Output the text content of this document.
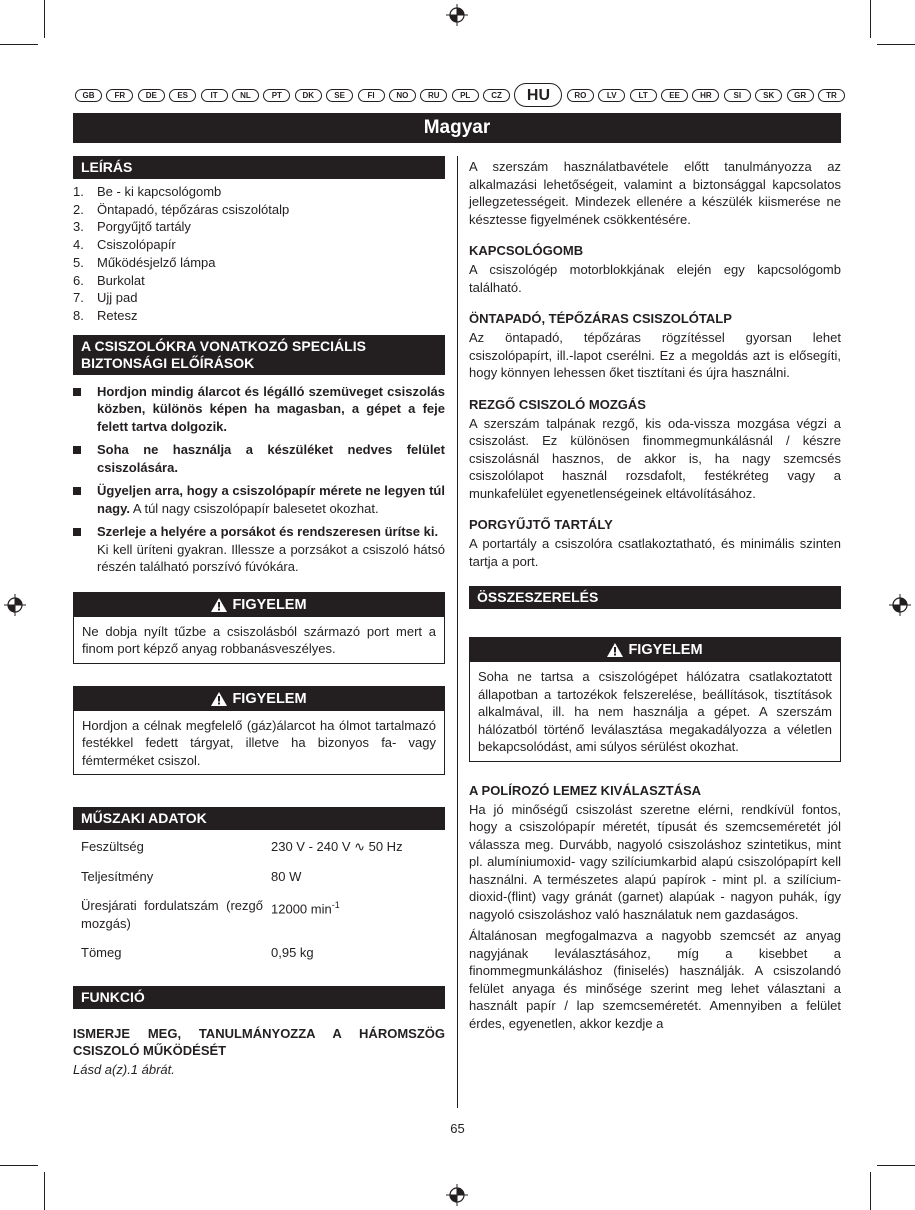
GB	FR	DE	ES	IT	NL	PT	DK	SE	FI	NO	RU	PL	CZ	HU	RO	LV	LT	EE	HR	SI	SK	GR	TR
Magyar
LEÍRÁS
1.	Be - ki kapcsológomb
2.	Öntapadó, tépőzáras csiszolótalp
3.	Porgyűjtő tartály
4.	Csiszolópapír
5.	Működésjelző lámpa
6.	Burkolat
7.	Ujj pad
8.	Retesz
A CSISZOLÓKRA VONATKOZÓ SPECIÁLIS BIZTONSÁGI ELŐÍRÁSOK
Hordjon mindig álarcot és légálló szemüveget csiszolás közben, különös képen ha magasban, a gépet a feje felett tartva dolgozik.
Soha ne használja a készüléket nedves felület csiszolására.
Ügyeljen arra, hogy a csiszolópapír mérete ne legyen túl nagy. A túl nagy csiszolópapír balesetet okozhat.
Szerleje a helyére a porsákot és rendszeresen ürítse ki.
Ki kell üríteni gyakran. Illessze a porzsákot a csiszoló hátsó részén található porszívó fúvókára.
FIGYELEM
Ne dobja nyílt tűzbe a csiszolásból származó port mert a finom port képző anyag robbanásveszélyes.
FIGYELEM
Hordjon a célnak megfelelő (gáz)álarcot ha ólmot tartalmazó festékkel fedett tárgyat, illetve ha bizonyos fa- vagy fémterméket csiszol.
MŰSZAKI ADATOK
Feszültség	230 V - 240 V ∿ 50 Hz
Teljesítmény	80 W
Üresjárati fordulatszám (rezgő mozgás)	12000 $\min^{-1}$
Tömeg	0,95 kg
FUNKCIÓ
ISMERJE MEG, TANULMÁNYOZZA A HÁROMSZÖG CSISZOLÓ MŰKÖDÉSÉT
Lásd a(z).1 ábrát.
A szerszám használatbavétele előtt tanulmányozza az alkalmazási lehetőségeit, valamint a biztonsággal kapcsolatos jellegzetességeit. Mindezek ellenére a készülék kiismerése ne késztesse figyelmének csökkentésére.
KAPCSOLÓGOMB
A csiszológép motorblokkjának elején egy kapcsológomb található.
ÖNTAPADÓ, TÉPŐZÁRAS CSISZOLÓTALP
Az öntapadó, tépőzáras rögzítéssel gyorsan lehet csiszolópapírt, ill.-lapot cserélni. Ez a megoldás azt is elősegíti, hogy könnyen lehessen őket tisztítani és újra használni.
REZGŐ CSISZOLÓ MOZGÁS
A szerszám talpának rezgő, kis oda-vissza mozgása végzi a csiszolást. Ez különösen finommegmunkálásnál / készre csiszolásnál hasznos, de akkor is, ha nagy szemcsés csiszolólapot használ rozsdafolt, festékréteg vagy a munkafelület egyenetlenségeinek eltávolításához.
PORGYŰJTŐ TARTÁLY
A portartály a csiszolóra csatlakoztatható, és minimális szinten tartja a port.
ÖSSZESZERELÉS
FIGYELEM
Soha ne tartsa a csiszológépet hálózatra csatlakoztatott állapotban a tartozékok felszerelése, beállítások, tisztítások alkalmával, ill. ha nem használja a gépet. A szerszám hálózatból történő leválasztása megakadályozza a véletlen bekapcsolódást, ami súlyos sérülést okozhat.
A POLÍROZÓ LEMEZ KIVÁLASZTÁSA
Ha jó minőségű csiszolást szeretne elérni, rendkívül fontos, hogy a csiszolópapír méretét, típusát és szemcseméretét jól válassza meg. Durvább, nagyoló csiszoláshoz szintetikus, mint pl. alumíniumoxid- vagy szilíciumkarbid alapú csiszolópapírt kell használni. A természetes alapú papírok - mint pl. a szilícium-dioxid-(flint) vagy gránát (garnet) alapúak - nagyon puhák, így nagyoló csiszoláshoz való használatuk nem gazdaságos.
Általánosan megfogalmazva a nagyobb szemcsét az anyag nagyjának leválasztásához, míg a kisebbet a finommegmunkáláshoz (finiselés) használják. A csiszolandó felület anyaga és minősége szerint meg lehet választani a használt papír / lap szemcseméretét. Amennyiben a felület érdes, egyenetlen, akkor kezdje a
65
